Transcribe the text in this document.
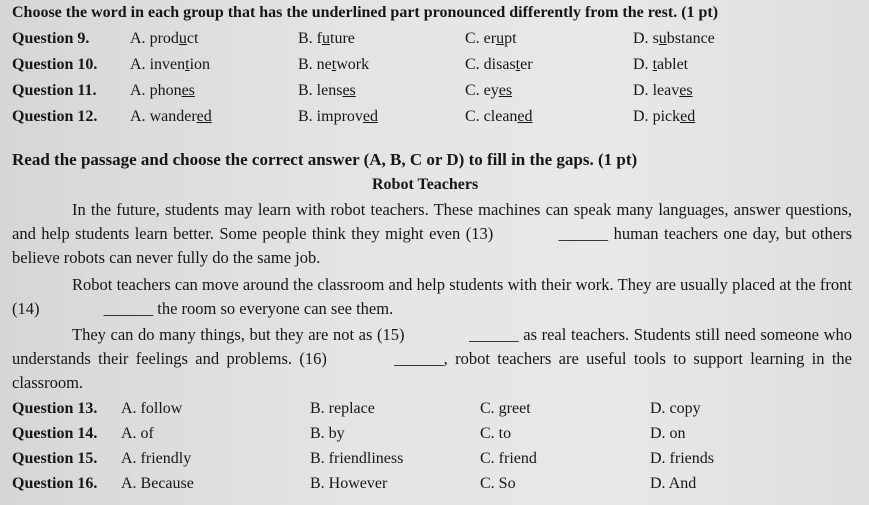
Choose the word in each group that has the underlined part pronounced differently from the rest. (1 pt)
Question 9.	A. product	B. future	C. erupt	D. substance
Question 10. A. invention	B. network	C. disaster	D. tablet
Question 11. A. phones	B. lenses	C. eyes	D. leaves
Question 12. A. wandered	B. improved	C. cleaned	D. picked
Read the passage and choose the correct answer (A, B, C or D) to fill in the gaps. (1 pt)
Robot Teachers
In the future, students may learn with robot teachers. These machines can speak many languages, answer questions, and help students learn better. Some people think they might even (13)	______ human teachers one day, but others believe robots can never fully do the same job.
Robot teachers can move around the classroom and help students with their work. They are usually placed at the front (14)	______ the room so everyone can see them.
They can do many things, but they are not as (15)	______ as real teachers. Students still need someone who understands their feelings and problems. (16)	______, robot teachers are useful tools to support learning in the classroom.
Question 13. A. follow	B. replace	C. greet	D. copy
Question 14. A. of	B. by	C. to	D. on
Question 15. A. friendly	B. friendliness	C. friend	D. friends
Question 16. A. Because	B. However	C. So	D. And
